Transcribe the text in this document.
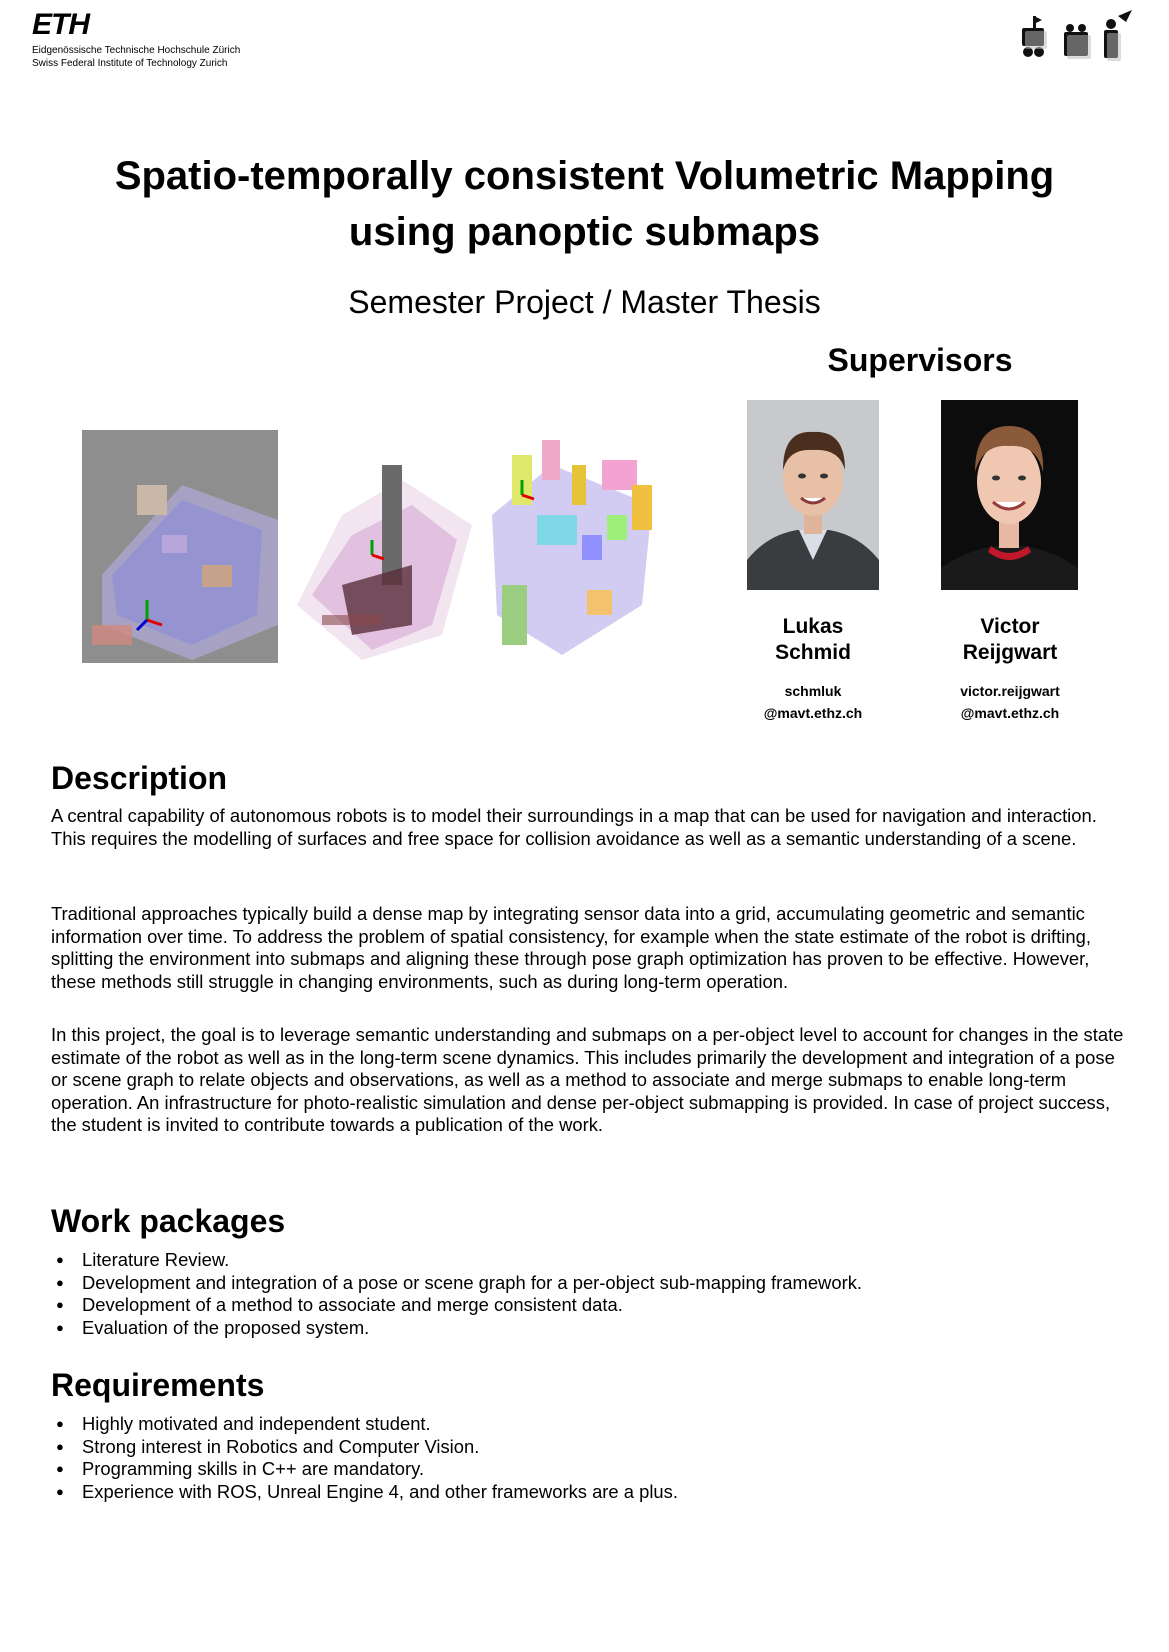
ETH
Eidgenössische Technische Hochschule Zürich
Swiss Federal Institute of Technology Zurich
Spatio-temporally consistent Volumetric Mapping
using panoptic submaps
Semester Project / Master Thesis
Supervisors
Lukas
Schmid
schmluk
@mavt.ethz.ch
Victor
Reijgwart
victor.reijgwart
@mavt.ethz.ch
Description
A central capability of autonomous robots is to model their surroundings in a map that can be used for navigation and interaction. This requires the modelling of surfaces and free space for collision avoidance as well as a semantic understanding of a scene.
Traditional approaches typically build a dense map by integrating sensor data into a grid, accumulating geometric and semantic information over time. To address the problem of spatial consistency, for example when the state estimate of the robot is drifting, splitting the environment into submaps and aligning these through pose graph optimization has proven to be effective. However, these methods still struggle in changing environments, such as during long-term operation.
In this project, the goal is to leverage semantic understanding and submaps on a per-object level to account for changes in the state estimate of the robot as well as in the long-term scene dynamics. This includes primarily the development and integration of a pose or scene graph to relate objects and observations, as well as a method to associate and merge submaps to enable long-term operation. An infrastructure for photo-realistic simulation and dense per-object submapping is provided. In case of project success, the student is invited to contribute towards a publication of the work.
Work packages
● Literature Review.
● Development and integration of a pose or scene graph for a per-object sub-mapping framework.
● Development of a method to associate and merge consistent data.
● Evaluation of the proposed system.
Requirements
● Highly motivated and independent student.
● Strong interest in Robotics and Computer Vision.
● Programming skills in C++ are mandatory.
● Experience with ROS, Unreal Engine 4, and other frameworks are a plus.
